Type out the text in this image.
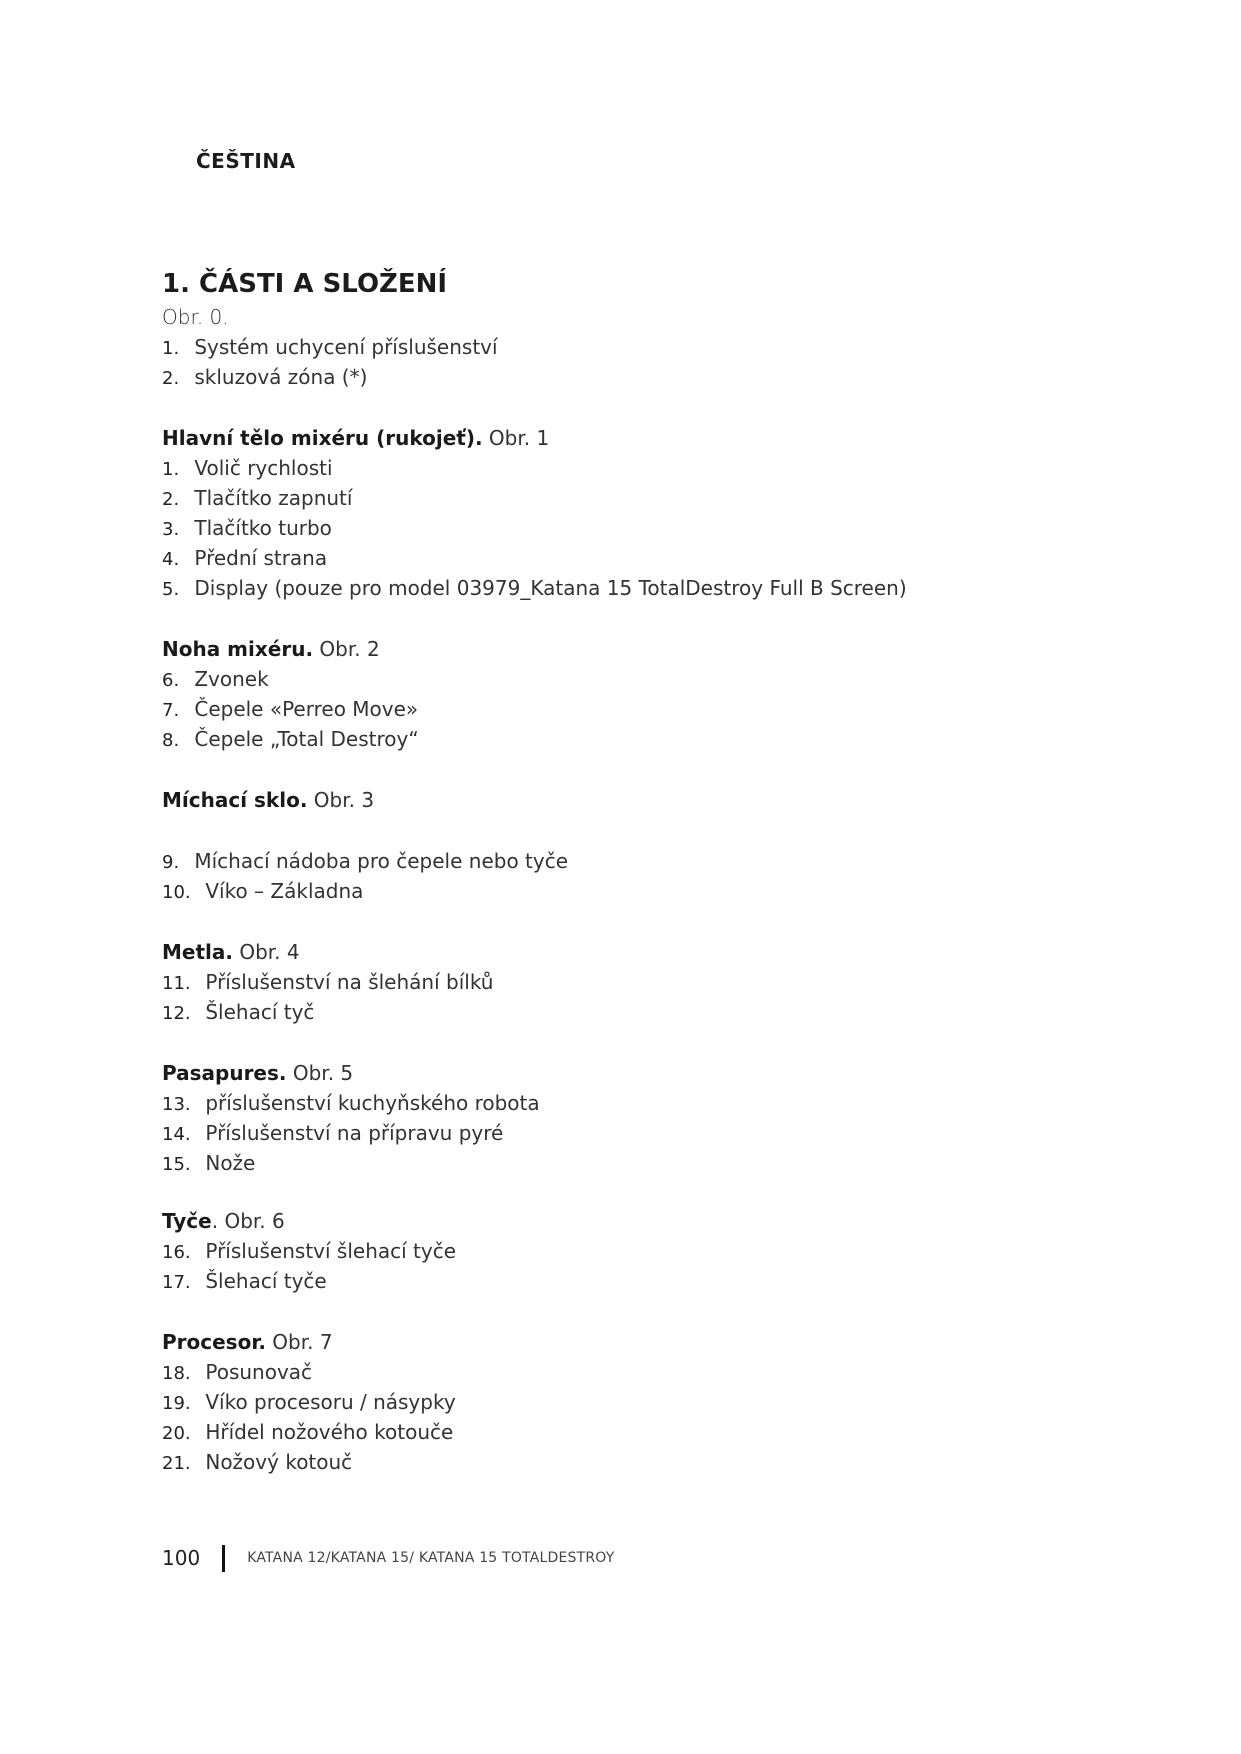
ČEŠTINA
1. ČÁSTI A SLOŽENÍ

Obr. 0.

1. Systém uchycení příslušenství
2. skluzová zóna (*)

Hlavní tělo mixéru (rukojeť). Obr. 1

1. Volič rychlosti
2. Tlačítko zapnutí
3. Tlačítko turbo
4. Přední strana
5. Display (pouze pro model 03979_Katana 15 TotalDestroy Full B Screen)

Noha mixéru. Obr. 2

6. Zvonek
7. Čepele «Perreo Move»
8. Čepele „Total Destroy“

Míchací sklo. Obr. 3

9. Míchací nádoba pro čepele nebo tyče
10. Víko – Základna

Metla. Obr. 4

11. Příslušenství na šlehání bílků
12. Šlehací tyč

Pasapures. Obr. 5

13. příslušenství kuchyňského robota
14. Příslušenství na přípravu pyré
15. Nože

Tyče. Obr. 6

16. Příslušenství šlehací tyče
17. Šlehací tyče

Procesor. Obr. 7

18. Posunovač
19. Víko procesoru / násypky
20. Hřídel nožového kotouče
21. Nožový kotouč
100	KATANA 12/KATANA 15/ KATANA 15 TOTALDESTROY
